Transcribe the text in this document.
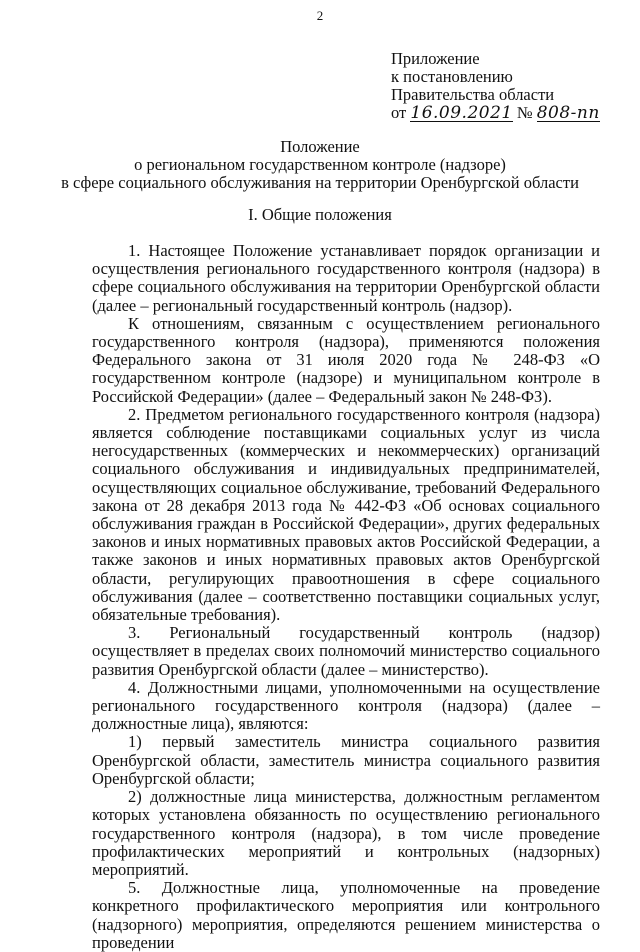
2
Приложение
к постановлению
Правительства области
от 16.09.2021 № 808-пп
Положение
о региональном государственном контроле (надзоре)
в сфере социального обслуживания на территории Оренбургской области
I. Общие положения

1. Настоящее Положение устанавливает порядок организации и осуществления регионального государственного контроля (надзора) в сфере социального обслуживания на территории Оренбургской области (далее – региональный государственный контроль (надзор).

К отношениям, связанным с осуществлением регионального государственного контроля (надзора), применяются положения Федерального закона от 31 июля 2020 года № 248-ФЗ «О государственном контроле (надзоре) и муниципальном контроле в Российской Федерации» (далее – Федеральный закон № 248-ФЗ).

2. Предметом регионального государственного контроля (надзора) является соблюдение поставщиками социальных услуг из числа негосударственных (коммерческих и некоммерческих) организаций социального обслуживания и индивидуальных предпринимателей, осуществляющих социальное обслуживание, требований Федерального закона от 28 декабря 2013 года № 442-ФЗ «Об основах социального обслуживания граждан в Российской Федерации», других федеральных законов и иных нормативных правовых актов Российской Федерации, а также законов и иных нормативных правовых актов Оренбургской области, регулирующих правоотношения в сфере социального обслуживания (далее – соответственно поставщики социальных услуг, обязательные требования).

3. Региональный государственный контроль (надзор) осуществляет в пределах своих полномочий министерство социального развития Оренбургской области (далее – министерство).

4. Должностными лицами, уполномоченными на осуществление регионального государственного контроля (надзора) (далее – должностные лица), являются:

1) первый заместитель министра социального развития Оренбургской области, заместитель министра социального развития Оренбургской области;

2) должностные лица министерства, должностным регламентом которых установлена обязанность по осуществлению регионального государственного контроля (надзора), в том числе проведение профилактических мероприятий и контрольных (надзорных) мероприятий.

5. Должностные лица, уполномоченные на проведение конкретного профилактического мероприятия или контрольного (надзорного) мероприятия, определяются решением министерства о проведении
